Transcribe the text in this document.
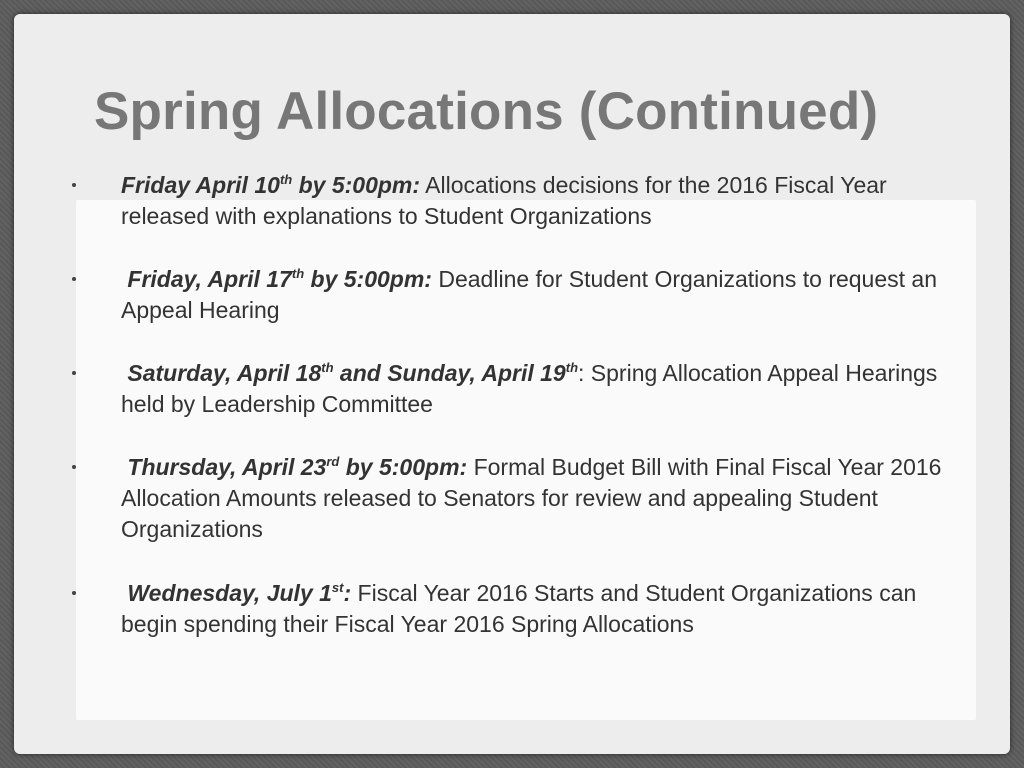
Spring Allocations (Continued)

Friday April 10th by 5:00pm: Allocations decisions for the 2016 Fiscal Year released with explanations to Student Organizations

Friday, April 17th by 5:00pm: Deadline for Student Organizations to request an Appeal Hearing

Saturday, April 18th and Sunday, April 19th: Spring Allocation Appeal Hearings held by Leadership Committee

Thursday, April 23rd by 5:00pm: Formal Budget Bill with Final Fiscal Year 2016 Allocation Amounts released to Senators for review and appealing Student Organizations

Wednesday, July 1st: Fiscal Year 2016 Starts and Student Organizations can begin spending their Fiscal Year 2016 Spring Allocations
